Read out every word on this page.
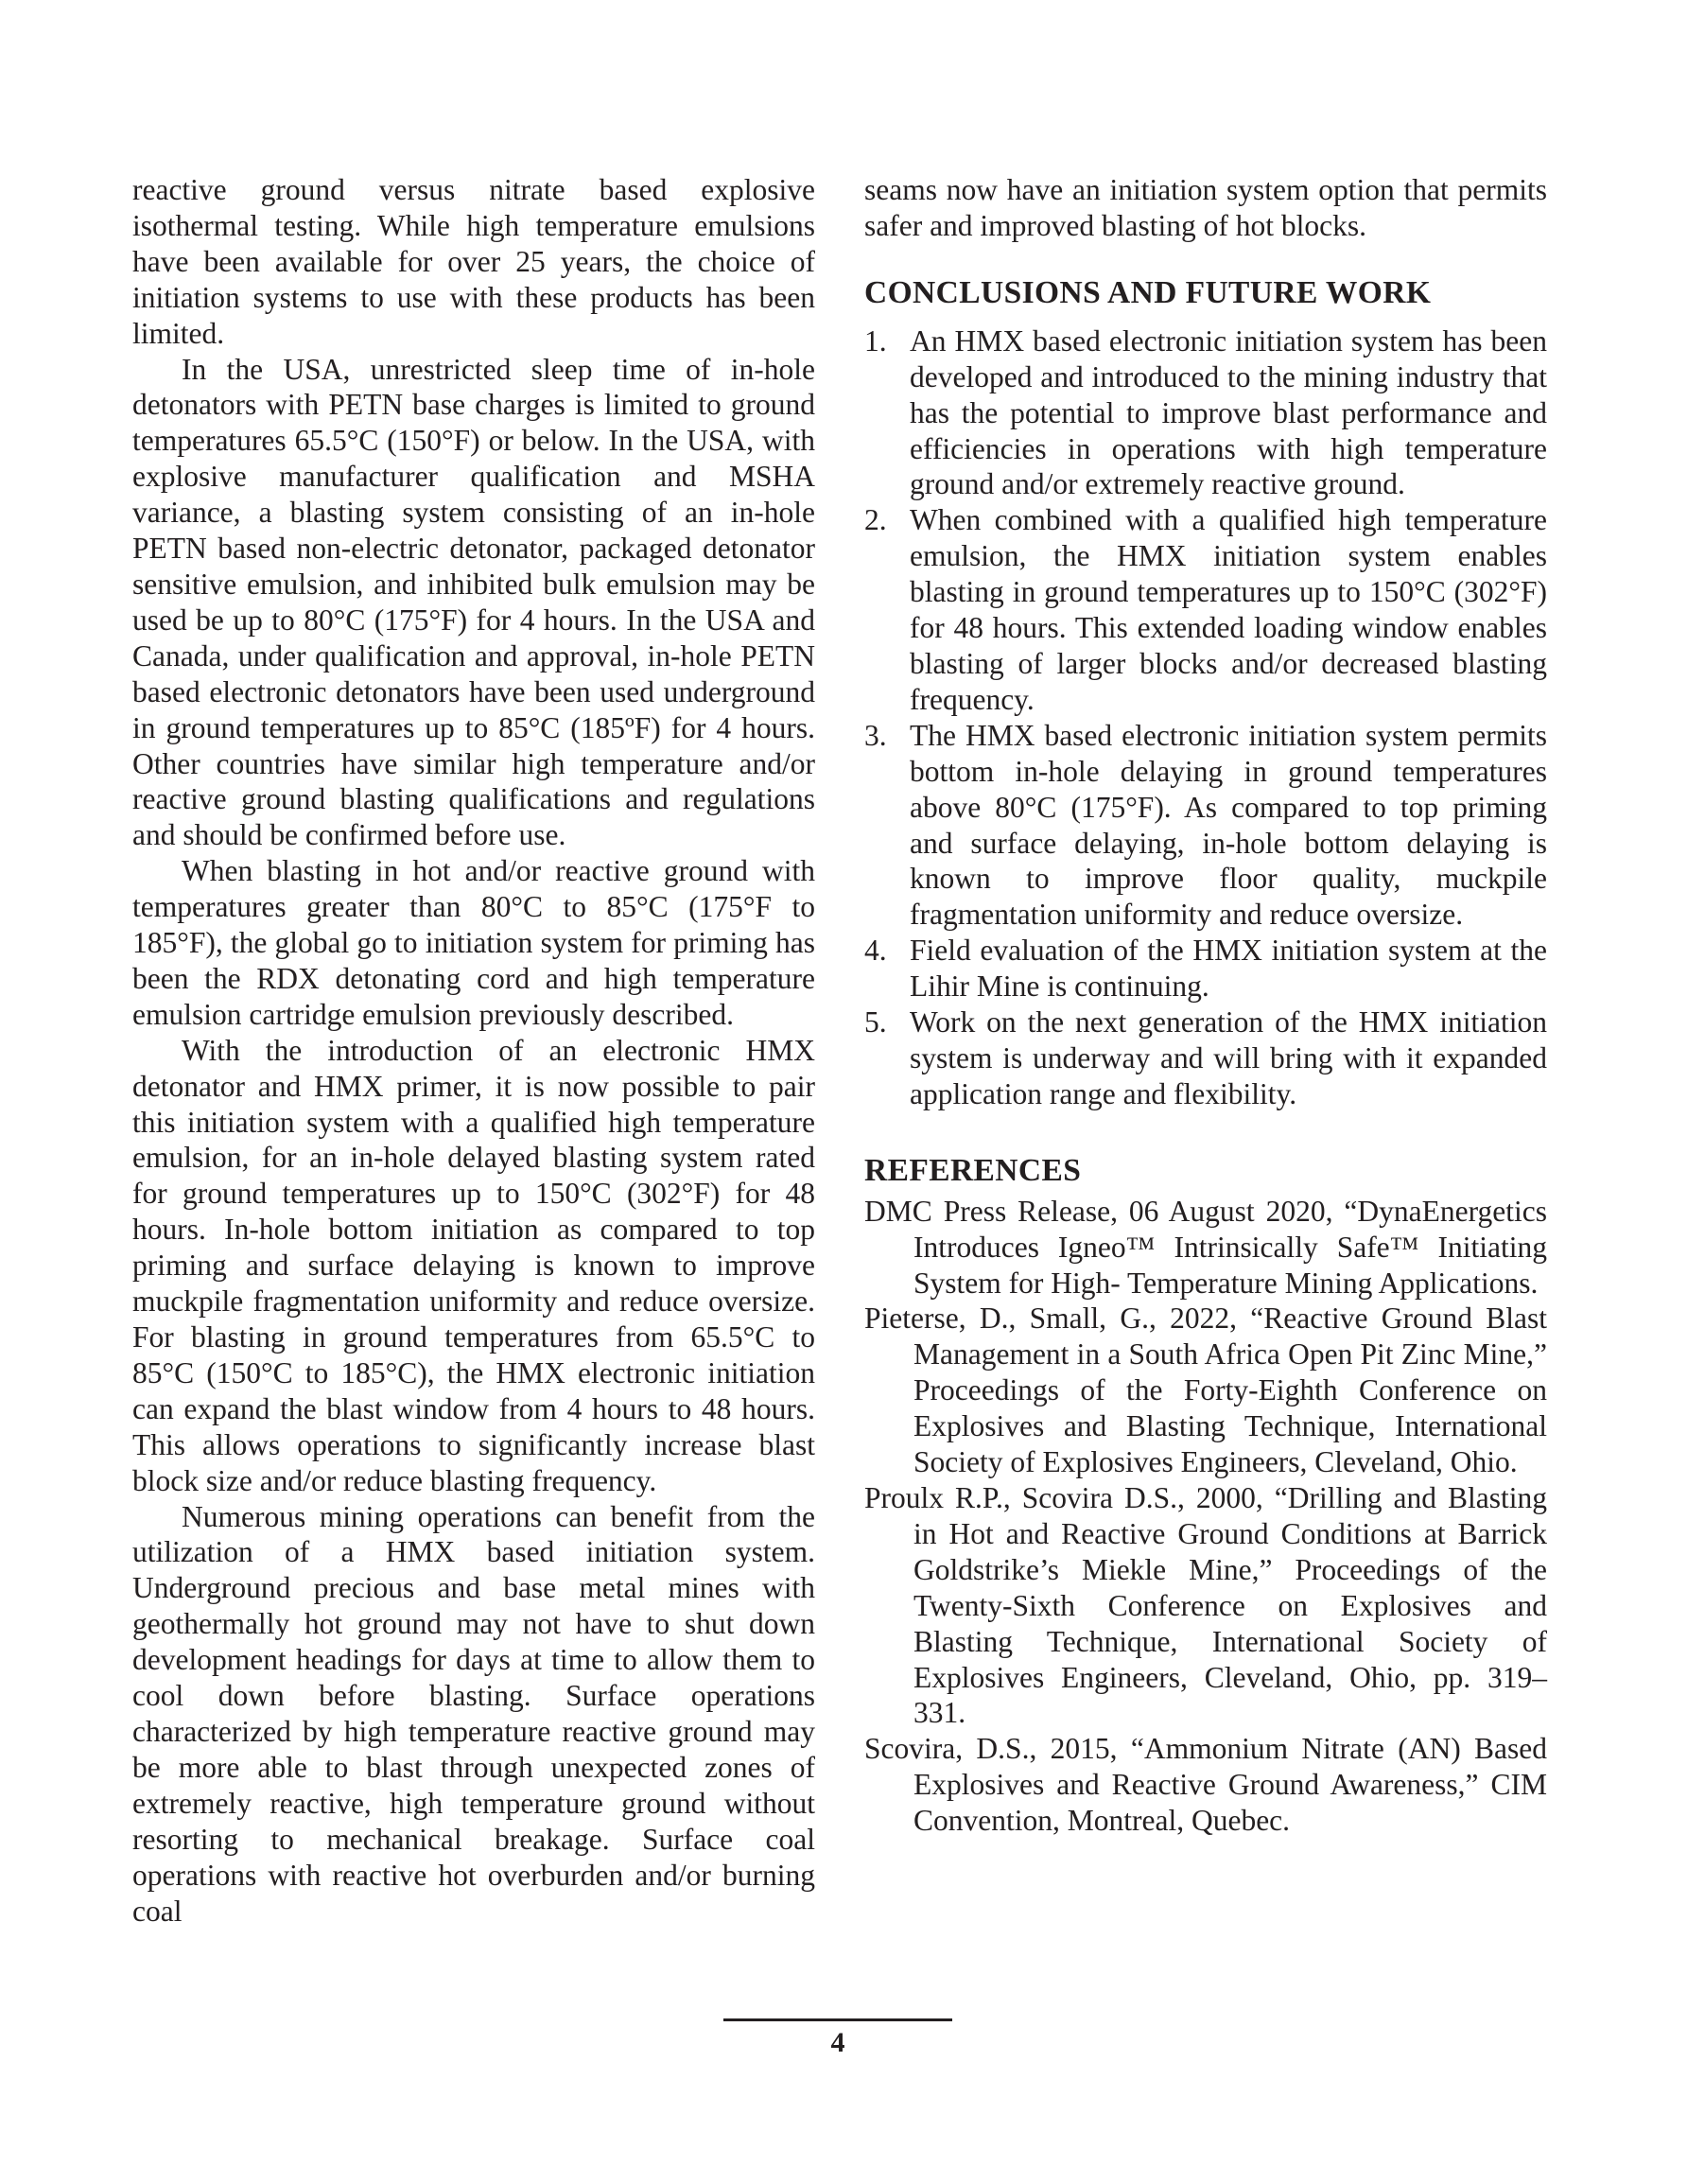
reactive ground versus nitrate based explosive isothermal testing. While high temperature emulsions have been available for over 25 years, the choice of initiation systems to use with these products has been limited.

In the USA, unrestricted sleep time of in-hole detonators with PETN base charges is limited to ground temperatures 65.5°C (150°F) or below. In the USA, with explosive manufacturer qualification and MSHA variance, a blasting system consisting of an in-hole PETN based non-electric detonator, packaged detonator sensitive emulsion, and inhibited bulk emulsion may be used be up to 80°C (175°F) for 4 hours. In the USA and Canada, under qualification and approval, in-hole PETN based electronic detonators have been used underground in ground temperatures up to 85°C (185ºF) for 4 hours. Other countries have similar high temperature and/or reactive ground blasting qualifications and regulations and should be confirmed before use.

When blasting in hot and/or reactive ground with temperatures greater than 80°C to 85°C (175°F to 185°F), the global go to initiation system for priming has been the RDX detonating cord and high temperature emulsion cartridge emulsion previously described.

With the introduction of an electronic HMX detonator and HMX primer, it is now possible to pair this initiation system with a qualified high temperature emulsion, for an in-hole delayed blasting system rated for ground temperatures up to 150°C (302°F) for 48 hours. In-hole bottom initiation as compared to top priming and surface delaying is known to improve muckpile fragmentation uniformity and reduce oversize. For blasting in ground temperatures from 65.5°C to 85°C (150°C to 185°C), the HMX electronic initiation can expand the blast window from 4 hours to 48 hours. This allows operations to significantly increase blast block size and/or reduce blasting frequency.

Numerous mining operations can benefit from the utilization of a HMX based initiation system. Underground precious and base metal mines with geothermally hot ground may not have to shut down development headings for days at time to allow them to cool down before blasting. Surface operations characterized by high temperature reactive ground may be more able to blast through unexpected zones of extremely reactive, high temperature ground without resorting to mechanical breakage. Surface coal operations with reactive hot overburden and/or burning coal

seams now have an initiation system option that permits safer and improved blasting of hot blocks.

CONCLUSIONS AND FUTURE WORK
1. An HMX based electronic initiation system has been developed and introduced to the mining industry that has the potential to improve blast performance and efficiencies in operations with high temperature ground and/or extremely reactive ground.
2. When combined with a qualified high temperature emulsion, the HMX initiation system enables blasting in ground temperatures up to 150°C (302°F) for 48 hours. This extended loading window enables blasting of larger blocks and/or decreased blasting frequency.
3. The HMX based electronic initiation system permits bottom in-hole delaying in ground temperatures above 80°C (175°F). As compared to top priming and surface delaying, in-hole bottom delaying is known to improve floor quality, muckpile fragmentation uniformity and reduce oversize.
4. Field evaluation of the HMX initiation system at the Lihir Mine is continuing.
5. Work on the next generation of the HMX initiation system is underway and will bring with it expanded application range and flexibility.
REFERENCES

DMC Press Release, 06 August 2020, “DynaEnergetics Introduces Igneo™ Intrinsically Safe™ Initiating System for High- Temperature Mining Applications.

Pieterse, D., Small, G., 2022, “Reactive Ground Blast Management in a South Africa Open Pit Zinc Mine,” Proceedings of the Forty-Eighth Conference on Explosives and Blasting Technique, International Society of Explosives Engineers, Cleveland, Ohio.

Proulx R.P., Scovira D.S., 2000, “Drilling and Blasting in Hot and Reactive Ground Conditions at Barrick Goldstrike’s Miekle Mine,” Proceedings of the Twenty-Sixth Conference on Explosives and Blasting Technique, International Society of Explosives Engineers, Cleveland, Ohio, pp. 319–331.

Scovira, D.S., 2015, “Ammonium Nitrate (AN) Based Explosives and Reactive Ground Awareness,” CIM Convention, Montreal, Quebec.

4
